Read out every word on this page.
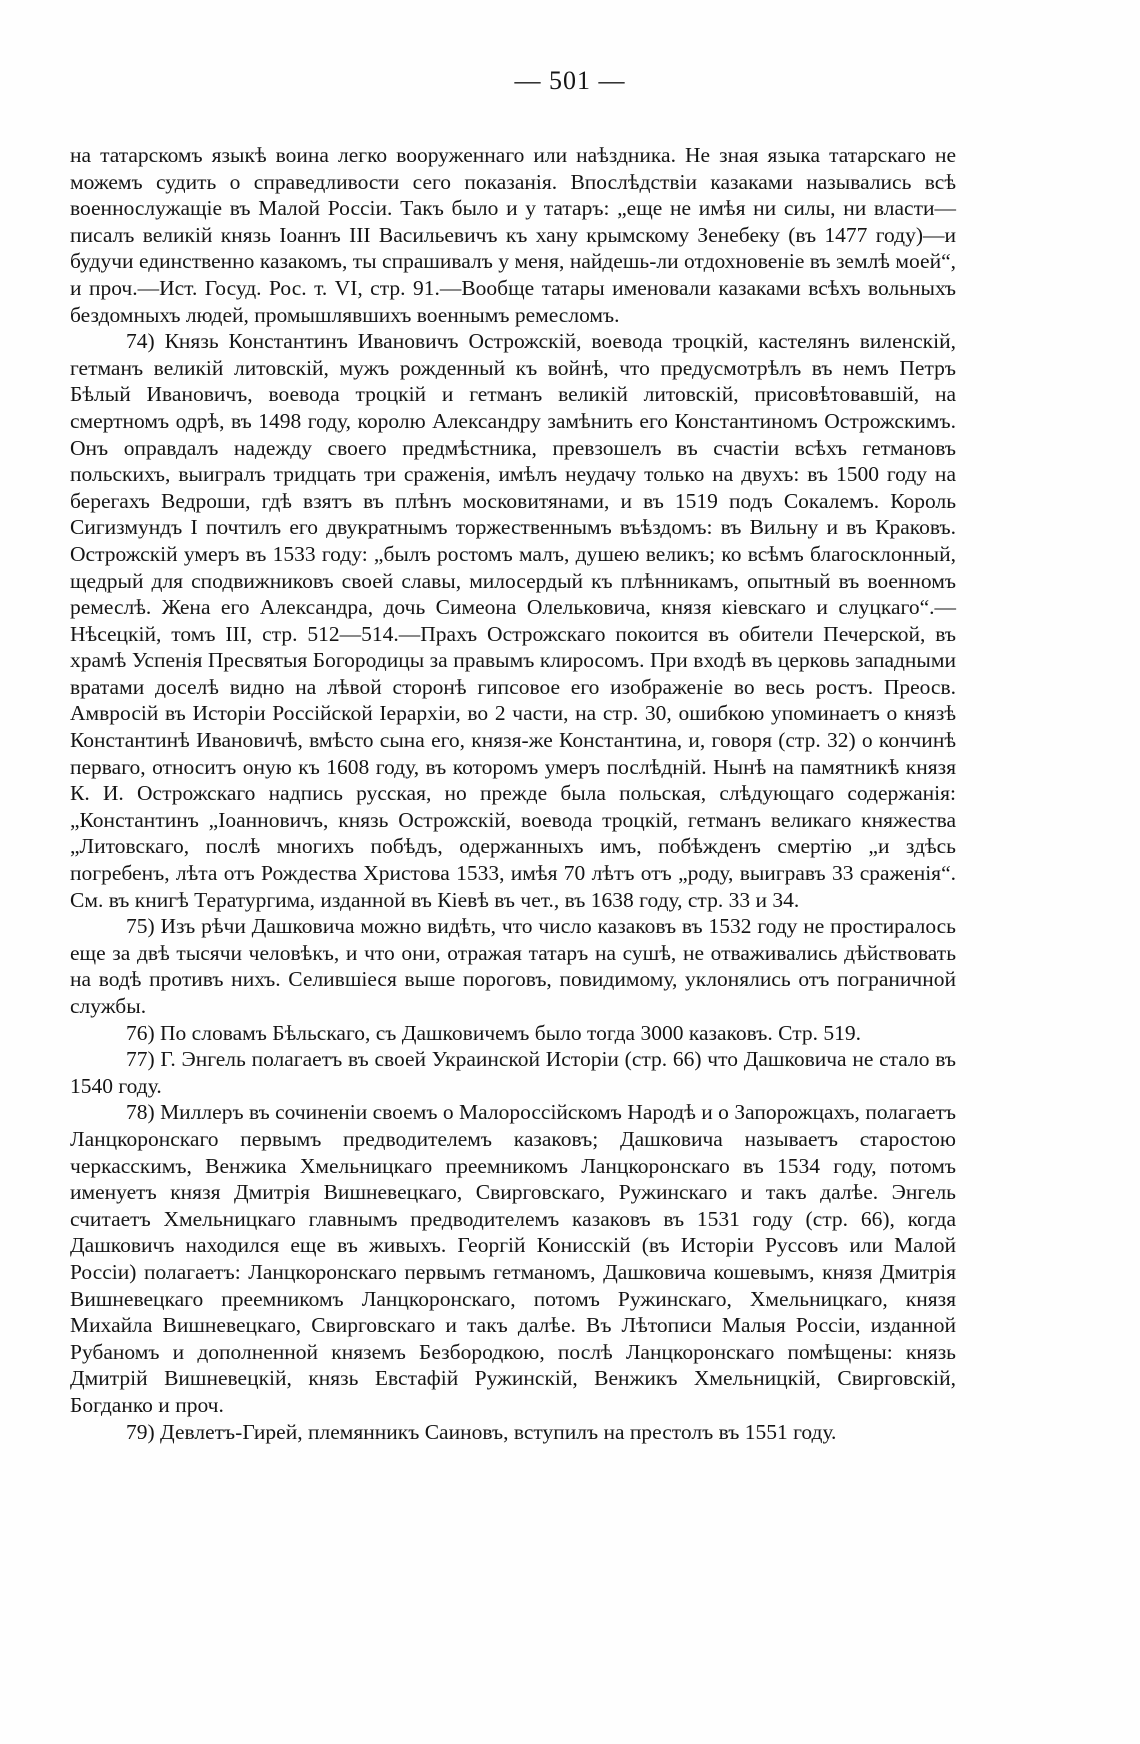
— 501 —

на татарскомъ языкѣ воина легко вооруженнаго или наѣздника. Не зная языка татарскаго не можемъ судить о справедливости сего показанія. Впослѣдствіи казаками назывались всѣ военнослужащіе въ Малой Россіи. Такъ было и у татаръ: „еще не имѣя ни силы, ни власти—писалъ великій князь Іоаннъ III Васильевичъ къ хану крымскому Зенебеку (въ 1477 году)—и будучи единственно казакомъ, ты спрашивалъ у меня, найдешь-ли отдохновеніе въ землѣ моей“, и проч.—Ист. Госуд. Рос. т. VI, стр. 91.—Вообще татары именовали казаками всѣхъ вольныхъ бездомныхъ людей, промышлявшихъ военнымъ ремесломъ.

74) Князь Константинъ Ивановичъ Острожскій, воевода троцкій, кастелянъ виленскій, гетманъ великій литовскій, мужъ рожденный къ войнѣ, что предусмотрѣлъ въ немъ Петръ Бѣлый Ивановичъ, воевода троцкій и гетманъ великій литовскій, присовѣтовавшій, на смертномъ одрѣ, въ 1498 году, королю Александру замѣнить его Константиномъ Острожскимъ. Онъ оправдалъ надежду своего предмѣстника, превзошелъ въ счастіи всѣхъ гетмановъ польскихъ, выигралъ тридцать три сраженія, имѣлъ неудачу только на двухъ: въ 1500 году на берегахъ Ведроши, гдѣ взятъ въ плѣнъ московитянами, и въ 1519 подъ Сокалемъ. Король Сигизмундъ I почтилъ его двукратнымъ торжественнымъ въѣздомъ: въ Вильну и въ Краковъ. Острожскій умеръ въ 1533 году: „былъ ростомъ малъ, душею великъ; ко всѣмъ благосклонный, щедрый для сподвижниковъ своей славы, милосердый къ плѣнникамъ, опытный въ военномъ ремеслѣ. Жена его Александра, дочь Симеона Олельковича, князя кіевскаго и слуцкаго“.—Нѣсецкій, томъ III, стр. 512—514.—Прахъ Острожскаго покоится въ обители Печерской, въ храмѣ Успенія Пресвятыя Богородицы за правымъ клиросомъ. При входѣ въ церковь западными вратами доселѣ видно на лѣвой сторонѣ гипсовое его изображеніе во весь ростъ. Преосв. Амвросій въ Исторіи Россійской Іерархіи, во 2 части, на стр. 30, ошибкою упоминаетъ о князѣ Константинѣ Ивановичѣ, вмѣсто сына его, князя-же Константина, и, говоря (стр. 32) о кончинѣ перваго, относитъ оную къ 1608 году, въ которомъ умеръ послѣдній. Нынѣ на памятникѣ князя К. И. Острожскаго надпись русская, но прежде была польская, слѣдующаго содержанія: „Константинъ „Іоанновичъ, князь Острожскій, воевода троцкій, гетманъ великаго княжества „Литовскаго, послѣ многихъ побѣдъ, одержанныхъ имъ, побѣжденъ смертію „и здѣсь погребенъ, лѣта отъ Рождества Христова 1533, имѣя 70 лѣтъ отъ „роду, выигравъ 33 сраженія“. См. въ книгѣ Тератургима, изданной въ Кіевѣ въ чет., въ 1638 году, стр. 33 и 34.

75) Изъ рѣчи Дашковича можно видѣть, что число казаковъ въ 1532 году не простиралось еще за двѣ тысячи человѣкъ, и что они, отражая татаръ на сушѣ, не отваживались дѣйствовать на водѣ противъ нихъ. Селившіеся выше пороговъ, повидимому, уклонялись отъ пограничной службы.

76) По словамъ Бѣльскаго, съ Дашковичемъ было тогда 3000 казаковъ. Стр. 519.

77) Г. Энгель полагаетъ въ своей Украинской Исторіи (стр. 66) что Дашковича не стало въ 1540 году.

78) Миллеръ въ сочиненіи своемъ о Малороссійскомъ Народѣ и о Запорожцахъ, полагаетъ Ланцкоронскаго первымъ предводителемъ казаковъ; Дашковича называетъ старостою черкасскимъ, Венжика Хмельницкаго преемникомъ Ланцкоронскаго въ 1534 году, потомъ именуетъ князя Дмитрія Вишневецкаго, Свирговскаго, Ружинскаго и такъ далѣе. Энгель считаетъ Хмельницкаго главнымъ предводителемъ казаковъ въ 1531 году (стр. 66), когда Дашковичъ находился еще въ живыхъ. Георгій Конисскій (въ Исторіи Руссовъ или Малой Россіи) полагаетъ: Ланцкоронскаго первымъ гетманомъ, Дашковича кошевымъ, князя Дмитрія Вишневецкаго преемникомъ Ланцкоронскаго, потомъ Ружинскаго, Хмельницкаго, князя Михайла Вишневецкаго, Свирговскаго и такъ далѣе. Въ Лѣтописи Малыя Россіи, изданной Рубаномъ и дополненной княземъ Безбородкою, послѣ Ланцкоронскаго помѣщены: князь Дмитрій Вишневецкій, князь Евстафій Ружинскій, Венжикъ Хмельницкій, Свирговскій, Богданко и проч.

79) Девлетъ-Гирей, племянникъ Саиновъ, вступилъ на престолъ въ 1551 году.
